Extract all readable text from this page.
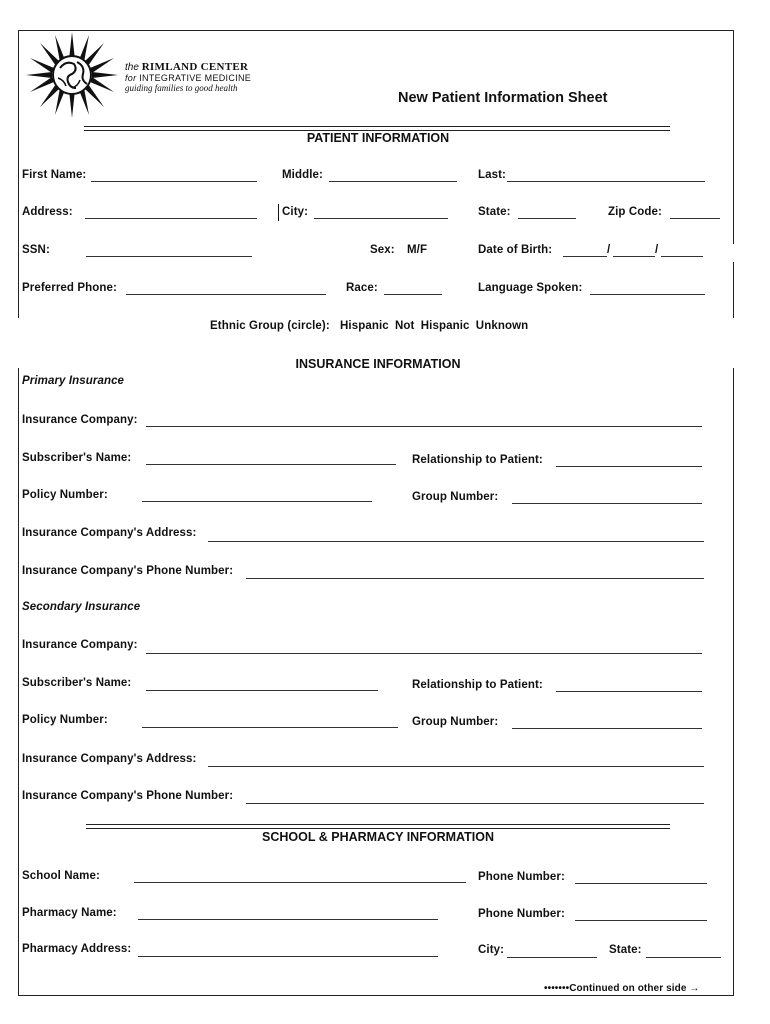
the RIMLAND CENTER
for INTEGRATIVE MEDICINE
guiding families to good health
New Patient Information Sheet
PATIENT INFORMATION
First Name:	Middle:	Last:
Address:	City:	State:	Zip Code:
SSN:	Sex: M/F	Date of Birth:	/	/
Preferred Phone:	Race:	Language Spoken:
Ethnic Group (circle): Hispanic Not Hispanic Unknown
INSURANCE INFORMATION
Primary Insurance
Insurance Company:
Subscriber's Name:	Relationship to Patient:
Policy Number:	Group Number:
Insurance Company's Address:
Insurance Company's Phone Number:
Secondary Insurance
Insurance Company:
Subscriber's Name:	Relationship to Patient:
Policy Number:	Group Number:
Insurance Company's Address:
Insurance Company's Phone Number:
SCHOOL & PHARMACY INFORMATION
School Name:	Phone Number:
Pharmacy Name:	Phone Number:
Pharmacy Address:	City:	State:
•••••••Continued on other side →
